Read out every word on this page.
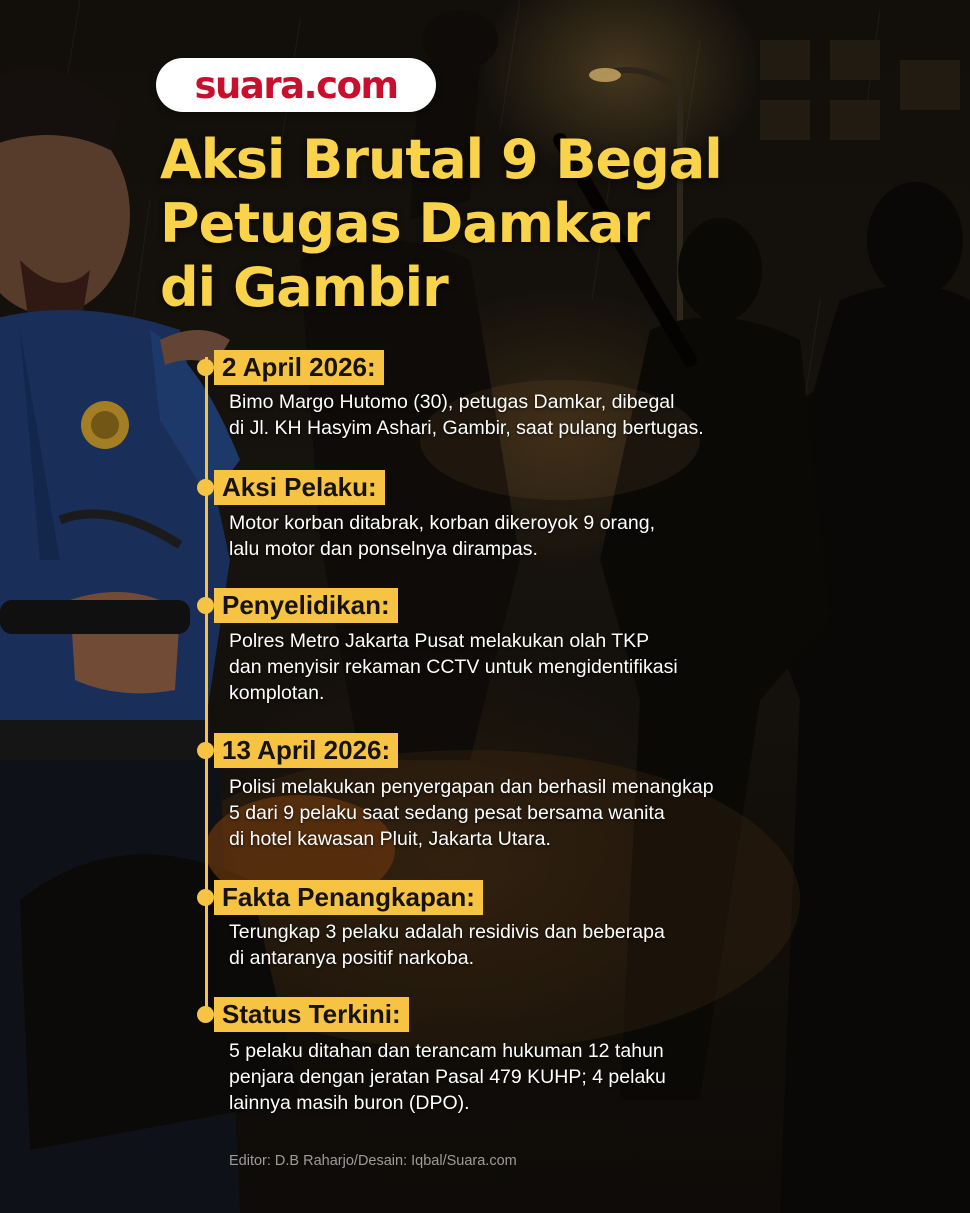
suara.com
Aksi Brutal 9 Begal
Petugas Damkar
di Gambir
2 April 2026:
Bimo Margo Hutomo (30), petugas Damkar, dibegal
di Jl. KH Hasyim Ashari, Gambir, saat pulang bertugas.
Aksi Pelaku:
Motor korban ditabrak, korban dikeroyok 9 orang,
lalu motor dan ponselnya dirampas.
Penyelidikan:
Polres Metro Jakarta Pusat melakukan olah TKP
dan menyisir rekaman CCTV untuk mengidentifikasi
komplotan.
13 April 2026:
Polisi melakukan penyergapan dan berhasil menangkap
5 dari 9 pelaku saat sedang pesat bersama wanita
di hotel kawasan Pluit, Jakarta Utara.
Fakta Penangkapan:
Terungkap 3 pelaku adalah residivis dan beberapa
di antaranya positif narkoba.
Status Terkini:
5 pelaku ditahan dan terancam hukuman 12 tahun
penjara dengan jeratan Pasal 479 KUHP; 4 pelaku
lainnya masih buron (DPO).
Editor: D.B Raharjo/Desain: Iqbal/Suara.com
